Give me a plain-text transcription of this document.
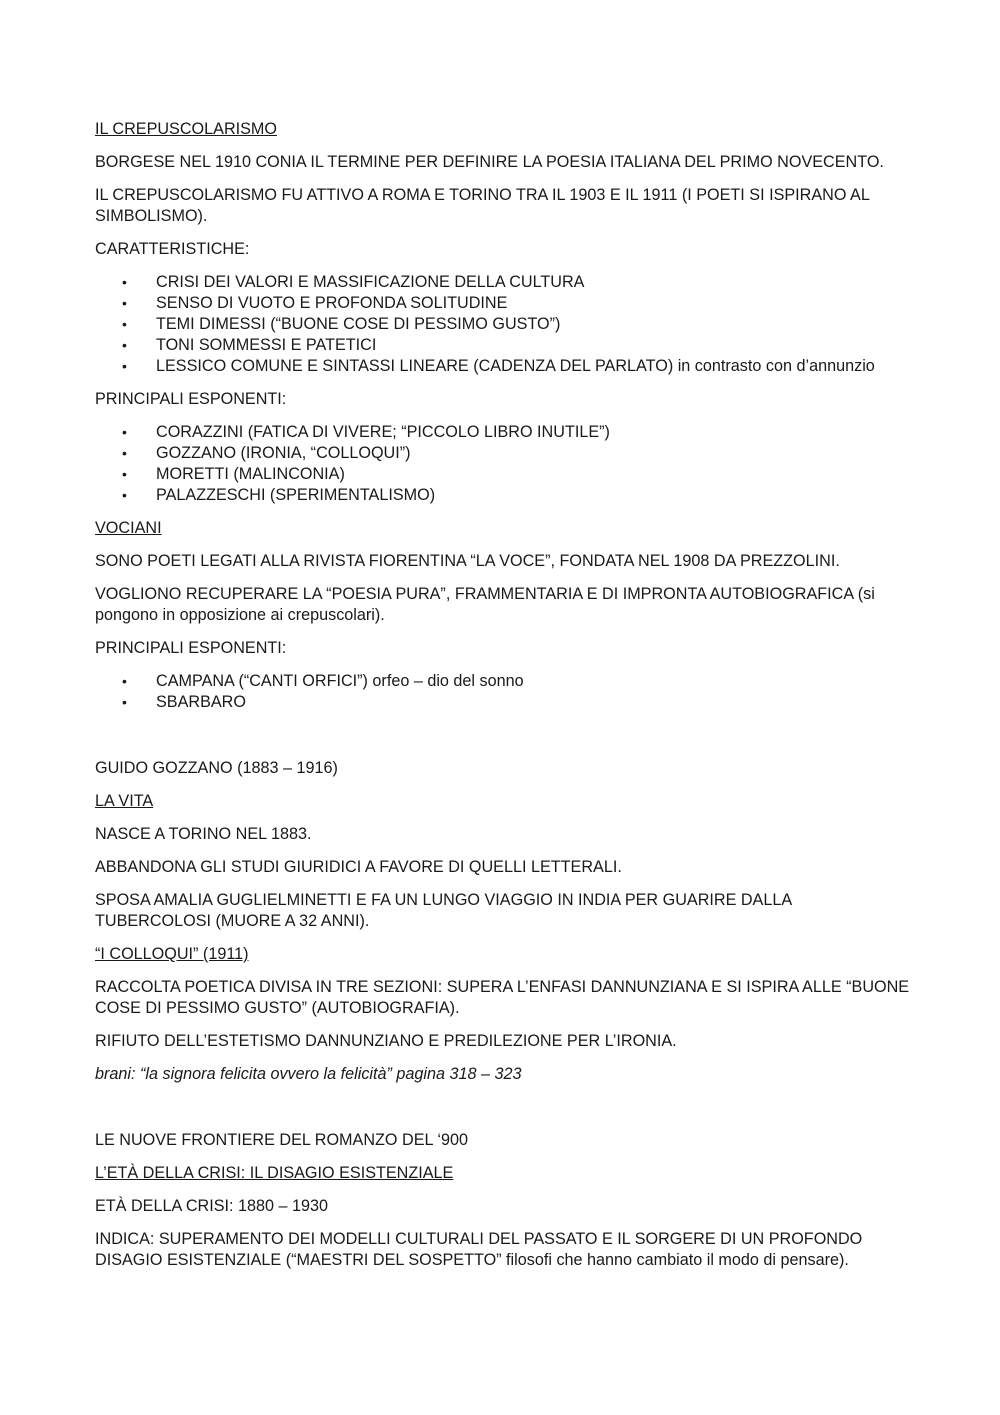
IL CREPUSCOLARISMO

BORGESE NEL 1910 CONIA IL TERMINE PER DEFINIRE LA POESIA ITALIANA DEL PRIMO NOVECENTO.

IL CREPUSCOLARISMO FU ATTIVO A ROMA E TORINO TRA IL 1903 E IL 1911 (I POETI SI ISPIRANO AL SIMBOLISMO).

CARATTERISTICHE:

• CRISI DEI VALORI E MASSIFICAZIONE DELLA CULTURA
• SENSO DI VUOTO E PROFONDA SOLITUDINE
• TEMI DIMESSI (“BUONE COSE DI PESSIMO GUSTO”)
• TONI SOMMESSI E PATETICI
• LESSICO COMUNE E SINTASSI LINEARE (CADENZA DEL PARLATO) in contrasto con d’annunzio

PRINCIPALI ESPONENTI:

• CORAZZINI (FATICA DI VIVERE; “PICCOLO LIBRO INUTILE”)
• GOZZANO (IRONIA, “COLLOQUI”)
• MORETTI (MALINCONIA)
• PALAZZESCHI (SPERIMENTALISMO)

VOCIANI

SONO POETI LEGATI ALLA RIVISTA FIORENTINA “LA VOCE”, FONDATA NEL 1908 DA PREZZOLINI.

VOGLIONO RECUPERARE LA “POESIA PURA”, FRAMMENTARIA E DI IMPRONTA AUTOBIOGRAFICA (si pongono in opposizione ai crepuscolari).

PRINCIPALI ESPONENTI:

• CAMPANA (“CANTI ORFICI”) orfeo – dio del sonno
• SBARBARO

GUIDO GOZZANO (1883 – 1916)

LA VITA

NASCE A TORINO NEL 1883.

ABBANDONA GLI STUDI GIURIDICI A FAVORE DI QUELLI LETTERALI.

SPOSA AMALIA GUGLIELMINETTI E FA UN LUNGO VIAGGIO IN INDIA PER GUARIRE DALLA TUBERCOLOSI (MUORE A 32 ANNI).

“I COLLOQUI” (1911)

RACCOLTA POETICA DIVISA IN TRE SEZIONI: SUPERA L’ENFASI DANNUNZIANA E SI ISPIRA ALLE “BUONE COSE DI PESSIMO GUSTO” (AUTOBIOGRAFIA).

RIFIUTO DELL’ESTETISMO DANNUNZIANO E PREDILEZIONE PER L’IRONIA.

brani: “la signora felicita ovvero la felicità” pagina 318 – 323

LE NUOVE FRONTIERE DEL ROMANZO DEL ‘900

L’ETÀ DELLA CRISI: IL DISAGIO ESISTENZIALE

ETÀ DELLA CRISI: 1880 – 1930

INDICA: SUPERAMENTO DEI MODELLI CULTURALI DEL PASSATO E IL SORGERE DI UN PROFONDO DISAGIO ESISTENZIALE (“MAESTRI DEL SOSPETTO” filosofi che hanno cambiato il modo di pensare).
